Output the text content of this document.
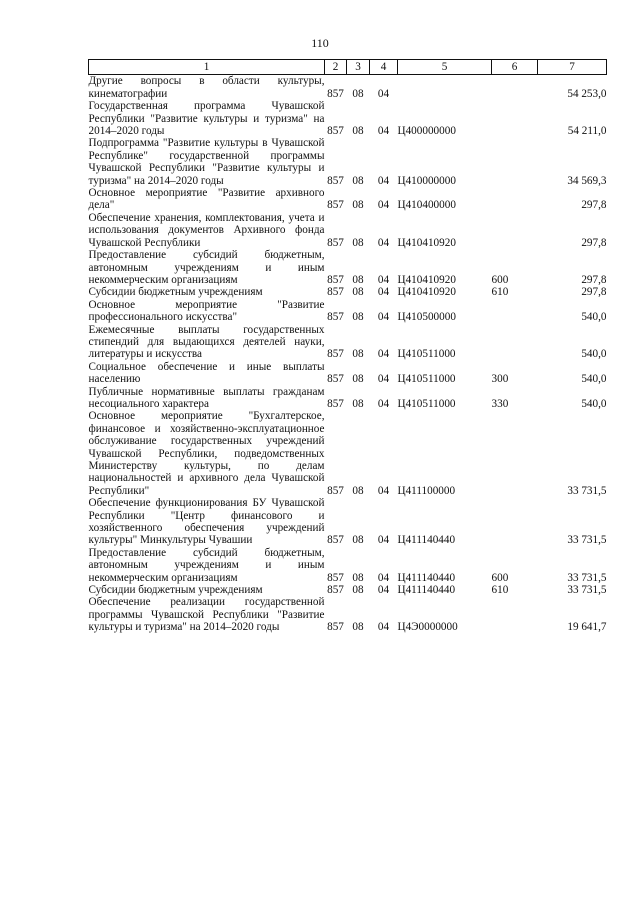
110
1	2	3	4	5	6	7
Другие вопросы в области культуры, кинематографии	857	08	04			54 253,0
Государственная программа Чувашской Республики "Развитие культуры и туризма" на 2014–2020 годы	857	08	04	Ц400000000		54 211,0
Подпрограмма "Развитие культуры в Чувашской Республике" государственной программы Чувашской Республики "Развитие культуры и туризма" на 2014–2020 годы	857	08	04	Ц410000000		34 569,3
Основное мероприятие "Развитие архивного дела"	857	08	04	Ц410400000		297,8
Обеспечение хранения, комплектования, учета и использования документов Архивного фонда Чувашской Республики	857	08	04	Ц410410920		297,8
Предоставление субсидий бюджетным, автономным учреждениям и иным некоммерческим организациям	857	08	04	Ц410410920	600	297,8
Субсидии бюджетным учреждениям	857	08	04	Ц410410920	610	297,8
Основное мероприятие "Развитие профессионального искусства"	857	08	04	Ц410500000		540,0
Ежемесячные выплаты государственных стипендий для выдающихся деятелей науки, литературы и искусства	857	08	04	Ц410511000		540,0
Социальное обеспечение и иные выплаты населению	857	08	04	Ц410511000	300	540,0
Публичные нормативные выплаты гражданам несоциального характера	857	08	04	Ц410511000	330	540,0
Основное мероприятие "Бухгалтерское, финансовое и хозяйственно-эксплуатационное обслуживание государственных учреждений Чувашской Республики, подведомственных Министерству культуры, по делам национальностей и архивного дела Чувашской Республики"	857	08	04	Ц411100000		33 731,5
Обеспечение функционирования БУ Чувашской Республики "Центр финансового и хозяйственного обеспечения учреждений культуры" Минкультуры Чувашии	857	08	04	Ц411140440		33 731,5
Предоставление субсидий бюджетным, автономным учреждениям и иным некоммерческим организациям	857	08	04	Ц411140440	600	33 731,5
Субсидии бюджетным учреждениям	857	08	04	Ц411140440	610	33 731,5
Обеспечение реализации государственной программы Чувашской Республики "Развитие культуры и туризма" на 2014–2020 годы	857	08	04	Ц4Э0000000		19 641,7
